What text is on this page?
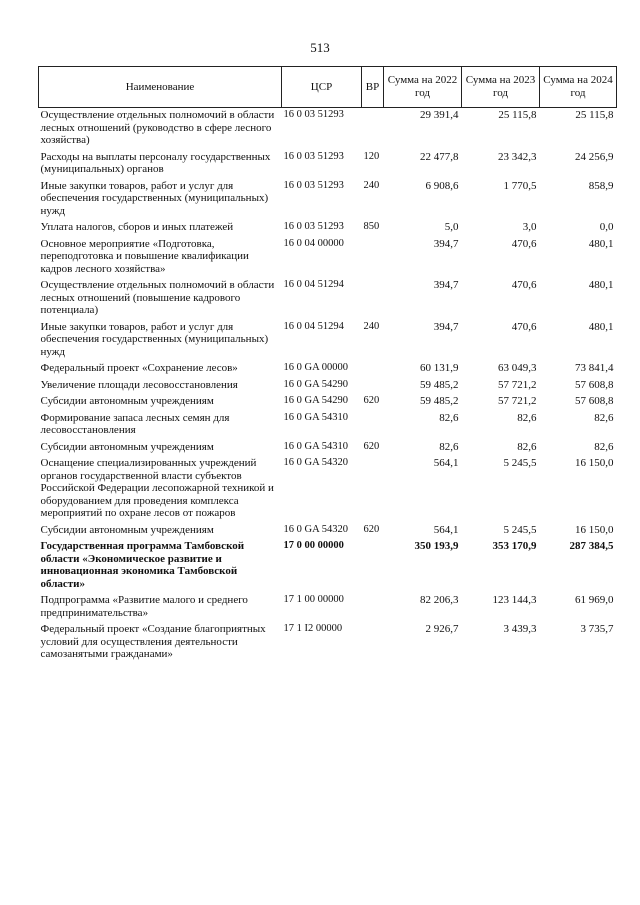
513
Наименование	ЦСР	ВР	Сумма на 2022 год	Сумма на 2023 год	Сумма на 2024 год
Осуществление отдельных полномочий в области лесных отношений (руководство в сфере лесного хозяйства)	16 0 03 51293		29 391,4	25 115,8	25 115,8
Расходы на выплаты персоналу государственных (муниципальных) органов	16 0 03 51293	120	22 477,8	23 342,3	24 256,9
Иные закупки товаров, работ и услуг для обеспечения государственных (муниципальных) нужд	16 0 03 51293	240	6 908,6	1 770,5	858,9
Уплата налогов, сборов и иных платежей	16 0 03 51293	850	5,0	3,0	0,0
Основное мероприятие «Подготовка, переподготовка и повышение квалификации кадров лесного хозяйства»	16 0 04 00000		394,7	470,6	480,1
Осуществление отдельных полномочий в области лесных отношений (повышение кадрового потенциала)	16 0 04 51294		394,7	470,6	480,1
Иные закупки товаров, работ и услуг для обеспечения государственных (муниципальных) нужд	16 0 04 51294	240	394,7	470,6	480,1
Федеральный проект «Сохранение лесов»	16 0 GA 00000		60 131,9	63 049,3	73 841,4
Увеличение площади лесовосстановления	16 0 GA 54290		59 485,2	57 721,2	57 608,8
Субсидии автономным учреждениям	16 0 GA 54290	620	59 485,2	57 721,2	57 608,8
Формирование запаса лесных семян для лесовосстановления	16 0 GA 54310		82,6	82,6	82,6
Субсидии автономным учреждениям	16 0 GA 54310	620	82,6	82,6	82,6
Оснащение специализированных учреждений органов государственной власти субъектов Российской Федерации лесопожарной техникой и оборудованием для проведения комплекса мероприятий по охране лесов от пожаров	16 0 GA 54320		564,1	5 245,5	16 150,0
Субсидии автономным учреждениям	16 0 GA 54320	620	564,1	5 245,5	16 150,0
Государственная программа Тамбовской области «Экономическое развитие и инновационная экономика Тамбовской области»	17 0 00 00000		350 193,9	353 170,9	287 384,5
Подпрограмма «Развитие малого и среднего предпринимательства»	17 1 00 00000		82 206,3	123 144,3	61 969,0
Федеральный проект «Создание благоприятных условий для осуществления деятельности самозанятыми гражданами»	17 1 I2 00000		2 926,7	3 439,3	3 735,7
